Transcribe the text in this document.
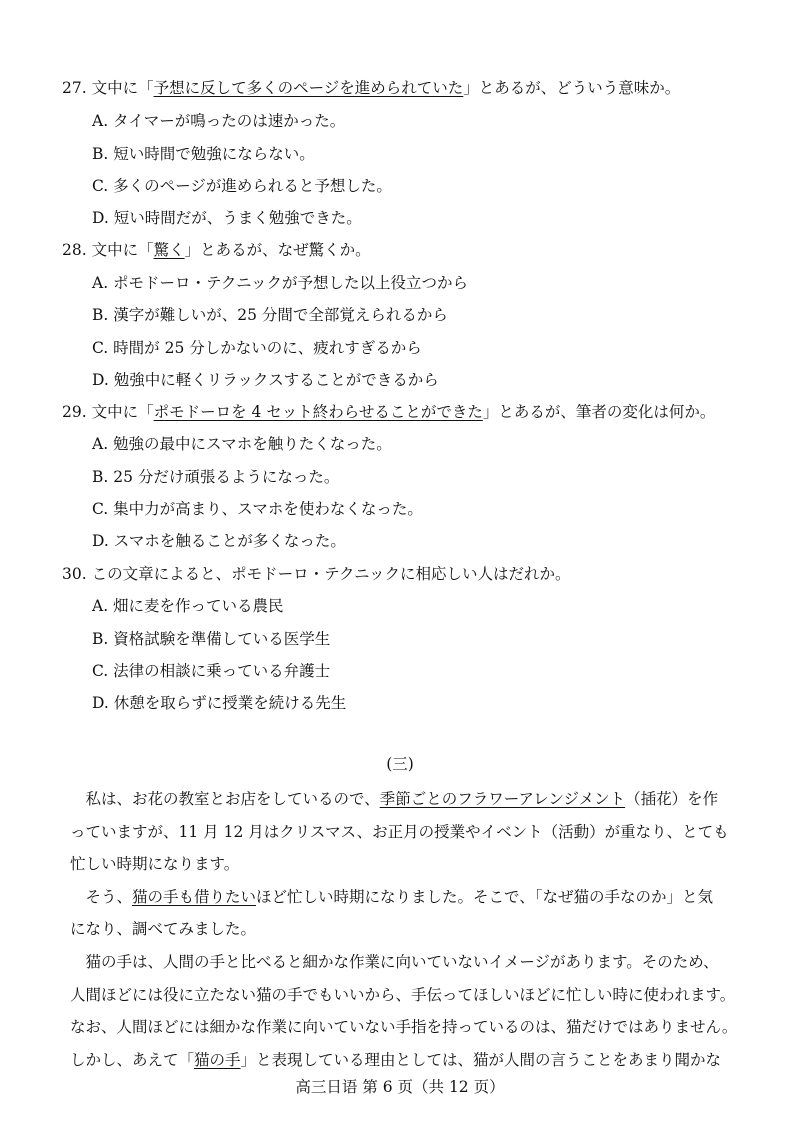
27. 文中に「予想に反して多くのページを進められていた」とあるが、どういう意味か。
A. タイマーが鳴ったのは速かった。
B. 短い時間で勉強にならない。
C. 多くのページが進められると予想した。
D. 短い時間だが、うまく勉強できた。
28. 文中に「驚く」とあるが、なぜ驚くか。
A. ポモドーロ・テクニックが予想した以上役立つから
B. 漢字が難しいが、25 分間で全部覚えられるから
C. 時間が 25 分しかないのに、疲れすぎるから
D. 勉強中に軽くリラックスすることができるから
29. 文中に「ポモドーロを 4 セット終わらせることができた」とあるが、筆者の変化は何か。
A. 勉強の最中にスマホを触りたくなった。
B. 25 分だけ頑張るようになった。
C. 集中力が高まり、スマホを使わなくなった。
D. スマホを触ることが多くなった。
30. この文章によると、ポモドーロ・テクニックに相応しい人はだれか。
A. 畑に麦を作っている農民
B. 資格試験を準備している医学生
C. 法律の相談に乗っている弁護士
D. 休憩を取らずに授業を続ける先生
(三)
　私は、お花の教室とお店をしているので、季節ごとのフラワーアレンジメント（插花）を作
っていますが、11 月 12 月はクリスマス、お正月の授業やイベント（活動）が重なり、とても
忙しい時期になります。
　そう、猫の手も借りたいほど忙しい時期になりました。そこで、「なぜ猫の手なのか」と気
になり、調べてみました。
　猫の手は、人間の手と比べると細かな作業に向いていないイメージがあります。そのため、
人間ほどには役に立たない猫の手でもいいから、手伝ってほしいほどに忙しい時に使われます。
なお、人間ほどには細かな作業に向いていない手指を持っているのは、猫だけではありません。
しかし、あえて「猫の手」と表現している理由としては、猫が人間の言うことをあまり聞かな
高三日语 第 6 页（共 12 页）
